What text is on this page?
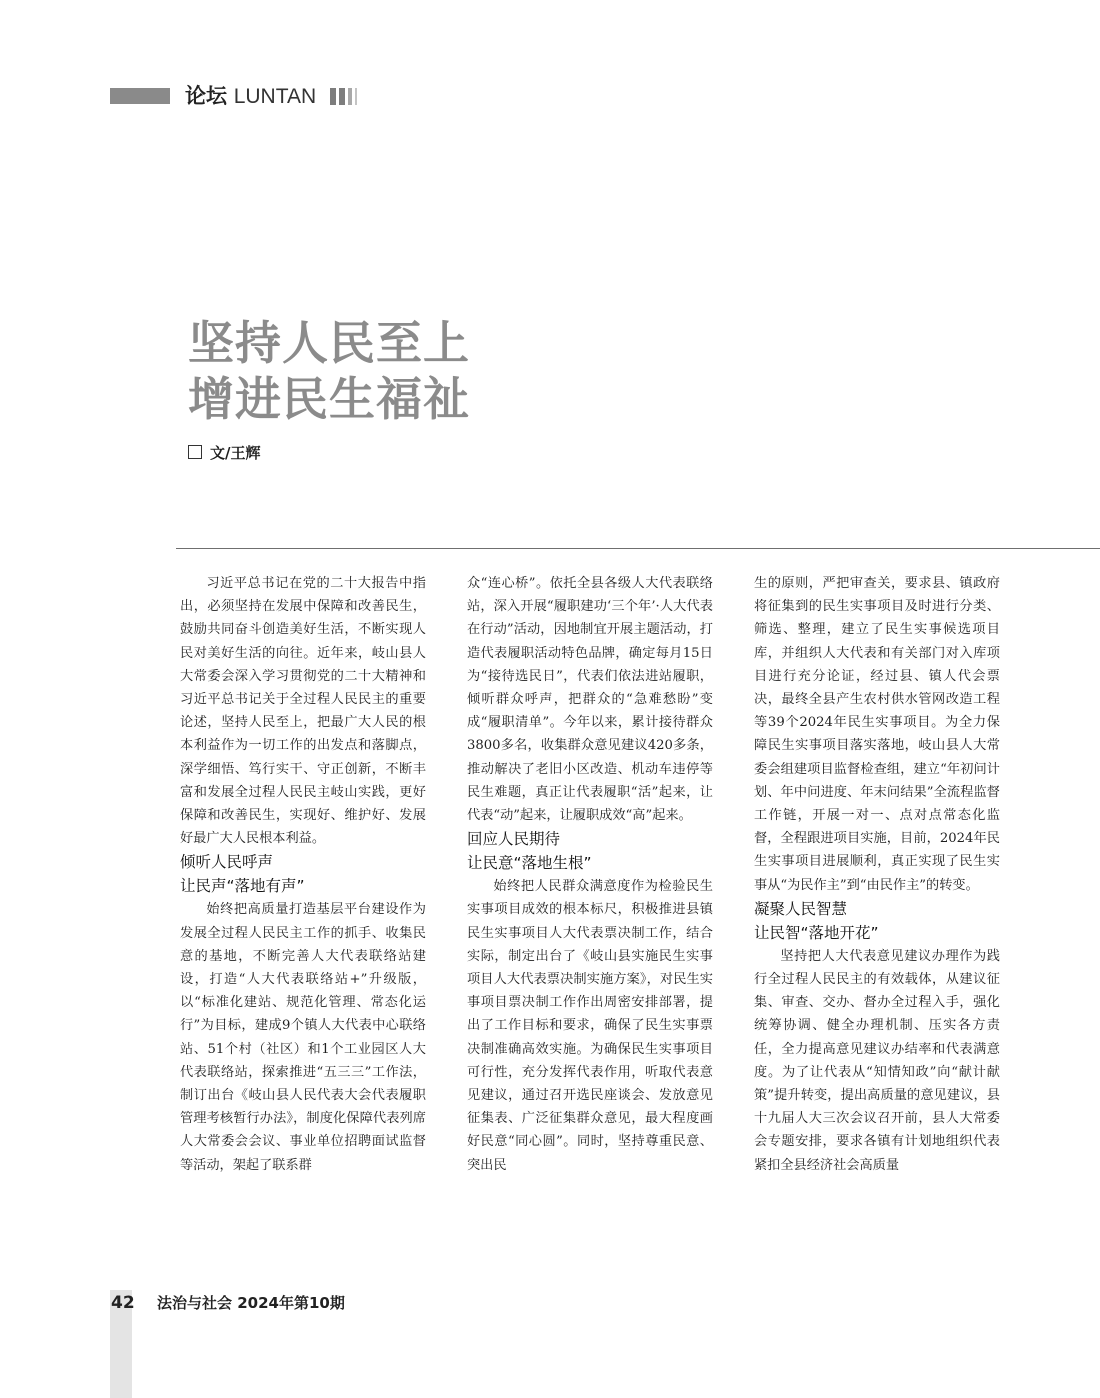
论坛 LUNTAN
坚持人民至上
增进民生福祉
文/王辉

习近平总书记在党的二十大报告中指出，必须坚持在发展中保障和改善民生，鼓励共同奋斗创造美好生活，不断实现人民对美好生活的向往。近年来，岐山县人大常委会深入学习贯彻党的二十大精神和习近平总书记关于全过程人民民主的重要论述，坚持人民至上，把最广大人民的根本利益作为一切工作的出发点和落脚点，深学细悟、笃行实干、守正创新，不断丰富和发展全过程人民民主岐山实践，更好保障和改善民生，实现好、维护好、发展好最广大人民根本利益。

倾听人民呼声
让民声“落地有声”

始终把高质量打造基层平台建设作为发展全过程人民民主工作的抓手、收集民意的基地，不断完善人大代表联络站建设，打造“人大代表联络站+”升级版，以“标准化建站、规范化管理、常态化运行”为目标，建成9个镇人大代表中心联络站、51个村（社区）和1个工业园区人大代表联络站，探索推进“五三三”工作法，制订出台《岐山县人民代表大会代表履职管理考核暂行办法》，制度化保障代表列席人大常委会会议、事业单位招聘面试监督等活动，架起了联系群

众“连心桥”。依托全县各级人大代表联络站，深入开展“履职建功‘三个年’·人大代表在行动”活动，因地制宜开展主题活动，打造代表履职活动特色品牌，确定每月15日为“接待选民日”，代表们依法进站履职，倾听群众呼声，把群众的“急难愁盼”变成“履职清单”。今年以来，累计接待群众3800多名，收集群众意见建议420多条，推动解决了老旧小区改造、机动车违停等民生难题，真正让代表履职“活”起来，让代表“动”起来，让履职成效“高”起来。

回应人民期待
让民意“落地生根”

始终把人民群众满意度作为检验民生实事项目成效的根本标尺，积极推进县镇民生实事项目人大代表票决制工作，结合实际，制定出台了《岐山县实施民生实事项目人大代表票决制实施方案》，对民生实事项目票决制工作作出周密安排部署，提出了工作目标和要求，确保了民生实事票决制准确高效实施。为确保民生实事项目可行性，充分发挥代表作用，听取代表意见建议，通过召开选民座谈会、发放意见征集表、广泛征集群众意见，最大程度画好民意“同心圆”。同时，坚持尊重民意、突出民

生的原则，严把审查关，要求县、镇政府将征集到的民生实事项目及时进行分类、筛选、整理，建立了民生实事候选项目库，并组织人大代表和有关部门对入库项目进行充分论证，经过县、镇人代会票决，最终全县产生农村供水管网改造工程等39个2024年民生实事项目。为全力保障民生实事项目落实落地，岐山县人大常委会组建项目监督检查组，建立“年初问计划、年中问进度、年末问结果”全流程监督工作链，开展一对一、点对点常态化监督，全程跟进项目实施，目前，2024年民生实事项目进展顺利，真正实现了民生实事从“为民作主”到“由民作主”的转变。

凝聚人民智慧
让民智“落地开花”

坚持把人大代表意见建议办理作为践行全过程人民民主的有效载体，从建议征集、审查、交办、督办全过程入手，强化统筹协调、健全办理机制、压实各方责任，全力提高意见建议办结率和代表满意度。为了让代表从“知情知政”向“献计献策”提升转变，提出高质量的意见建议，县十九届人大三次会议召开前，县人大常委会专题安排，要求各镇有计划地组织代表紧扣全县经济社会高质量

42 法治与社会 2024年第10期
